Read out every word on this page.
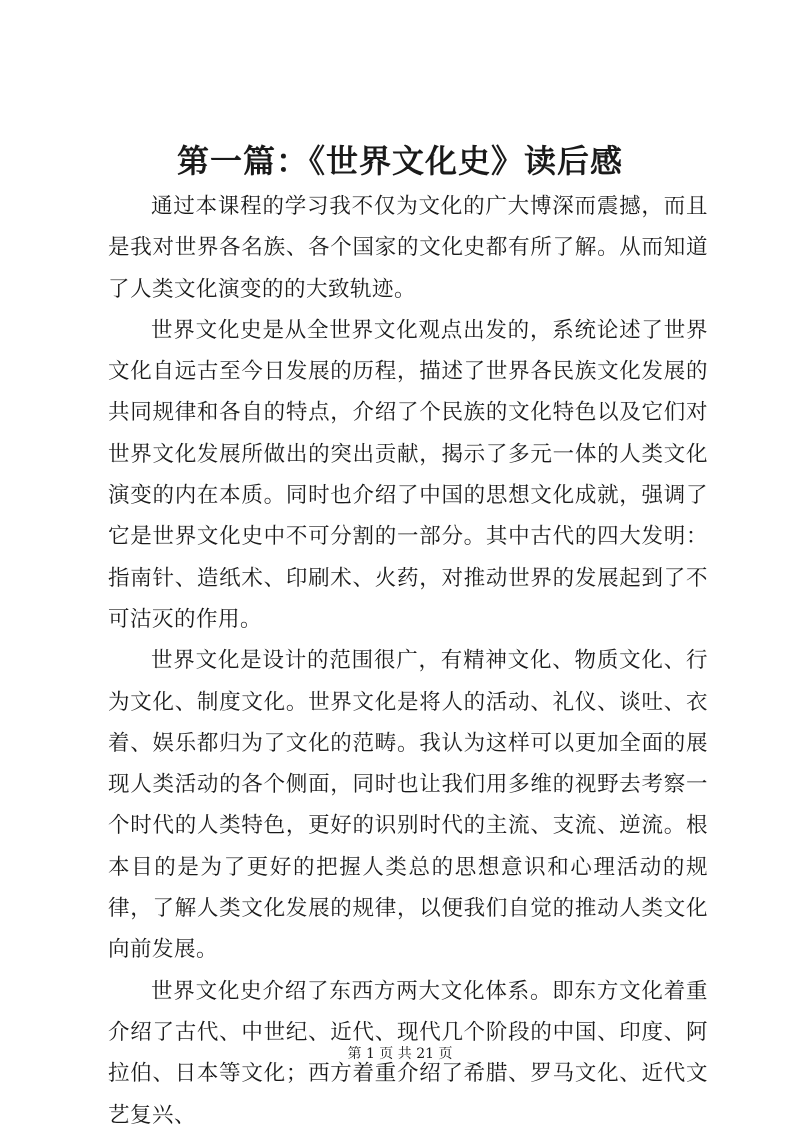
第一篇：《世界文化史》读后感

通过本课程的学习我不仅为文化的广大博深而震撼，而且是我对世界各名族、各个国家的文化史都有所了解。从而知道了人类文化演变的的大致轨迹。

世界文化史是从全世界文化观点出发的，系统论述了世界文化自远古至今日发展的历程，描述了世界各民族文化发展的共同规律和各自的特点，介绍了个民族的文化特色以及它们对世界文化发展所做出的突出贡献，揭示了多元一体的人类文化演变的内在本质。同时也介绍了中国的思想文化成就，强调了它是世界文化史中不可分割的一部分。其中古代的四大发明：指南针、造纸术、印刷术、火药，对推动世界的发展起到了不可沽灭的作用。

世界文化是设计的范围很广，有精神文化、物质文化、行为文化、制度文化。世界文化是将人的活动、礼仪、谈吐、衣着、娱乐都归为了文化的范畴。我认为这样可以更加全面的展现人类活动的各个侧面，同时也让我们用多维的视野去考察一个时代的人类特色，更好的识别时代的主流、支流、逆流。根本目的是为了更好的把握人类总的思想意识和心理活动的规律，了解人类文化发展的规律，以便我们自觉的推动人类文化向前发展。

世界文化史介绍了东西方两大文化体系。即东方文化着重介绍了古代、中世纪、近代、现代几个阶段的中国、印度、阿拉伯、日本等文化；西方着重介绍了希腊、罗马文化、近代文艺复兴、

第 1 页 共 21 页
